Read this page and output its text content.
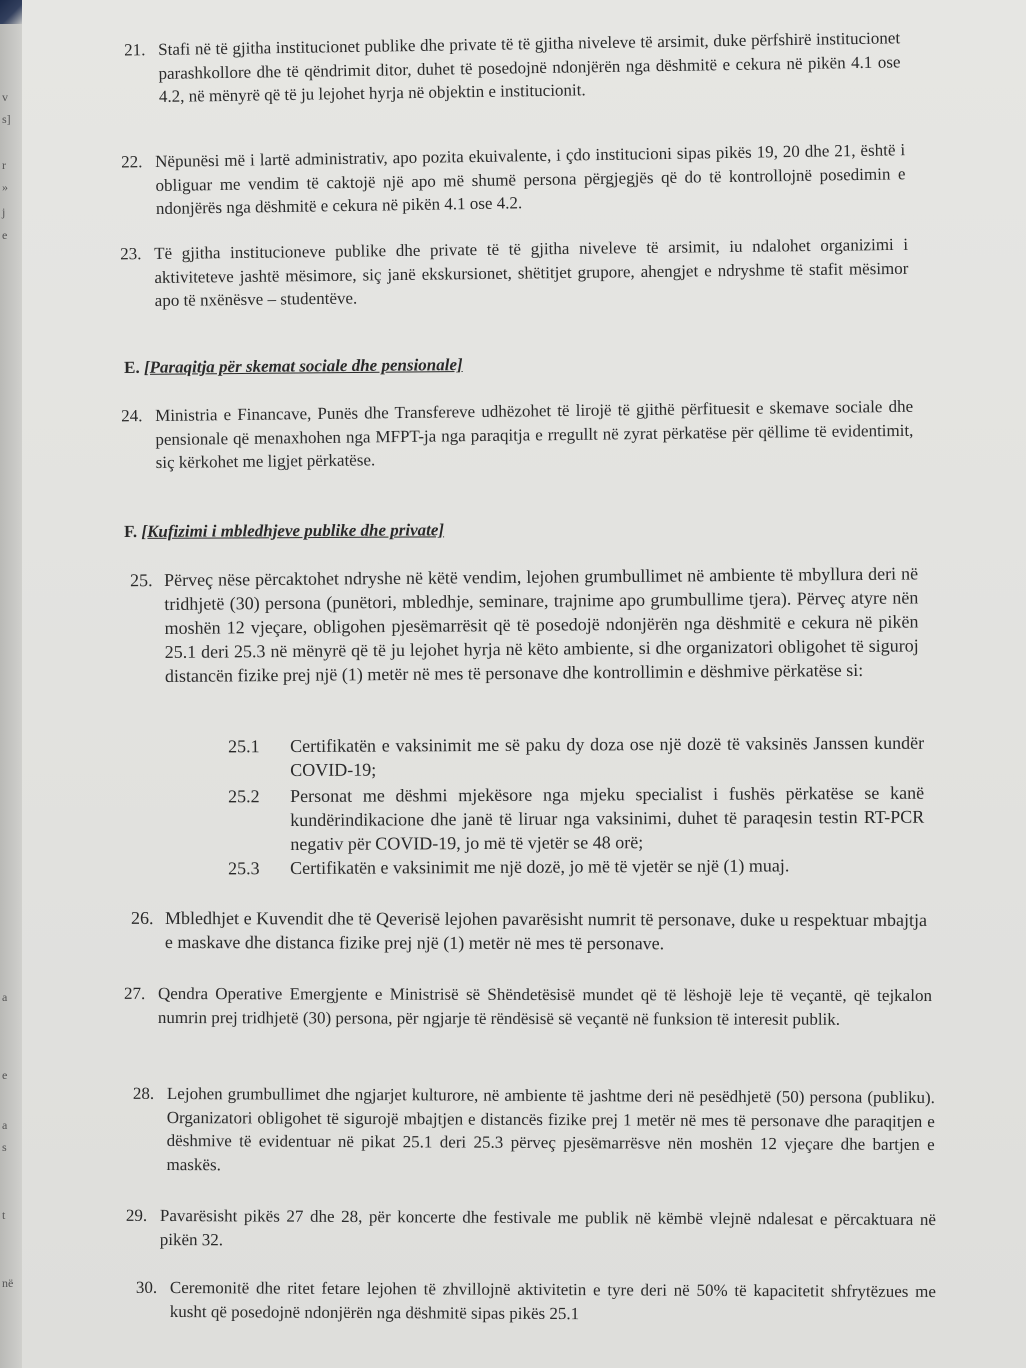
v
s]
r
»
j
e
a
e
a
s
t
në
21. Stafi në të gjitha institucionet publike dhe private të të gjitha niveleve të arsimit, duke përfshirë institucionet parashkollore dhe të qëndrimit ditor, duhet të posedojnë ndonjërën nga dëshmitë e cekura në pikën 4.1 ose 4.2, në mënyrë që të ju lejohet hyrja në objektin e institucionit.
22. Nëpunësi më i lartë administrativ, apo pozita ekuivalente, i çdo institucioni sipas pikës 19, 20 dhe 21, është i obliguar me vendim të caktojë një apo më shumë persona përgjegjës që do të kontrollojnë posedimin e ndonjërës nga dëshmitë e cekura në pikën 4.1 ose 4.2.
23. Të gjitha institucioneve publike dhe private të të gjitha niveleve të arsimit, iu ndalohet organizimi i aktiviteteve jashtë mësimore, siç janë ekskursionet, shëtitjet grupore, ahengjet e ndryshme të stafit mësimor apo të nxënësve – studentëve.
E. [Paraqitja për skemat sociale dhe pensionale]
24. Ministria e Financave, Punës dhe Transfereve udhëzohet të lirojë të gjithë përfituesit e skemave sociale dhe pensionale që menaxhohen nga MFPT-ja nga paraqitja e rregullt në zyrat përkatëse për qëllime të evidentimit, siç kërkohet me ligjet përkatëse.
F. [Kufizimi i mbledhjeve publike dhe private]
25. Përveç nëse përcaktohet ndryshe në këtë vendim, lejohen grumbullimet në ambiente të mbyllura deri në tridhjetë (30) persona (punëtori, mbledhje, seminare, trajnime apo grumbullime tjera). Përveç atyre nën moshën 12 vjeçare, obligohen pjesëmarrësit që të posedojë ndonjërën nga dëshmitë e cekura në pikën 25.1 deri 25.3 në mënyrë që të ju lejohet hyrja në këto ambiente, si dhe organizatori obligohet të siguroj distancën fizike prej një (1) metër në mes të personave dhe kontrollimin e dëshmive përkatëse si:
25.1 Certifikatën e vaksinimit me së paku dy doza ose një dozë të vaksinës Janssen kundër COVID-19;
25.2 Personat me dëshmi mjekësore nga mjeku specialist i fushës përkatëse se kanë kundërindikacione dhe janë të liruar nga vaksinimi, duhet të paraqesin testin RT-PCR negativ për COVID-19, jo më të vjetër se 48 orë;
25.3 Certifikatën e vaksinimit me një dozë, jo më të vjetër se një (1) muaj.
26. Mbledhjet e Kuvendit dhe të Qeverisë lejohen pavarësisht numrit të personave, duke u respektuar mbajtja e maskave dhe distanca fizike prej një (1) metër në mes të personave.
27. Qendra Operative Emergjente e Ministrisë së Shëndetësisë mundet që të lëshojë leje të veçantë, që tejkalon numrin prej tridhjetë (30) persona, për ngjarje të rëndësisë së veçantë në funksion të interesit publik.
28. Lejohen grumbullimet dhe ngjarjet kulturore, në ambiente të jashtme deri në pesëdhjetë (50) persona (publiku). Organizatori obligohet të sigurojë mbajtjen e distancës fizike prej 1 metër në mes të personave dhe paraqitjen e dëshmive të evidentuar në pikat 25.1 deri 25.3 përveç pjesëmarrësve nën moshën 12 vjeçare dhe bartjen e maskës.
29. Pavarësisht pikës 27 dhe 28, për koncerte dhe festivale me publik në këmbë vlejnë ndalesat e përcaktuara në pikën 32.
30. Ceremonitë dhe ritet fetare lejohen të zhvillojnë aktivitetin e tyre deri në 50% të kapacitetit shfrytëzues me kusht që posedojnë ndonjërën nga dëshmitë sipas pikës 25.1
